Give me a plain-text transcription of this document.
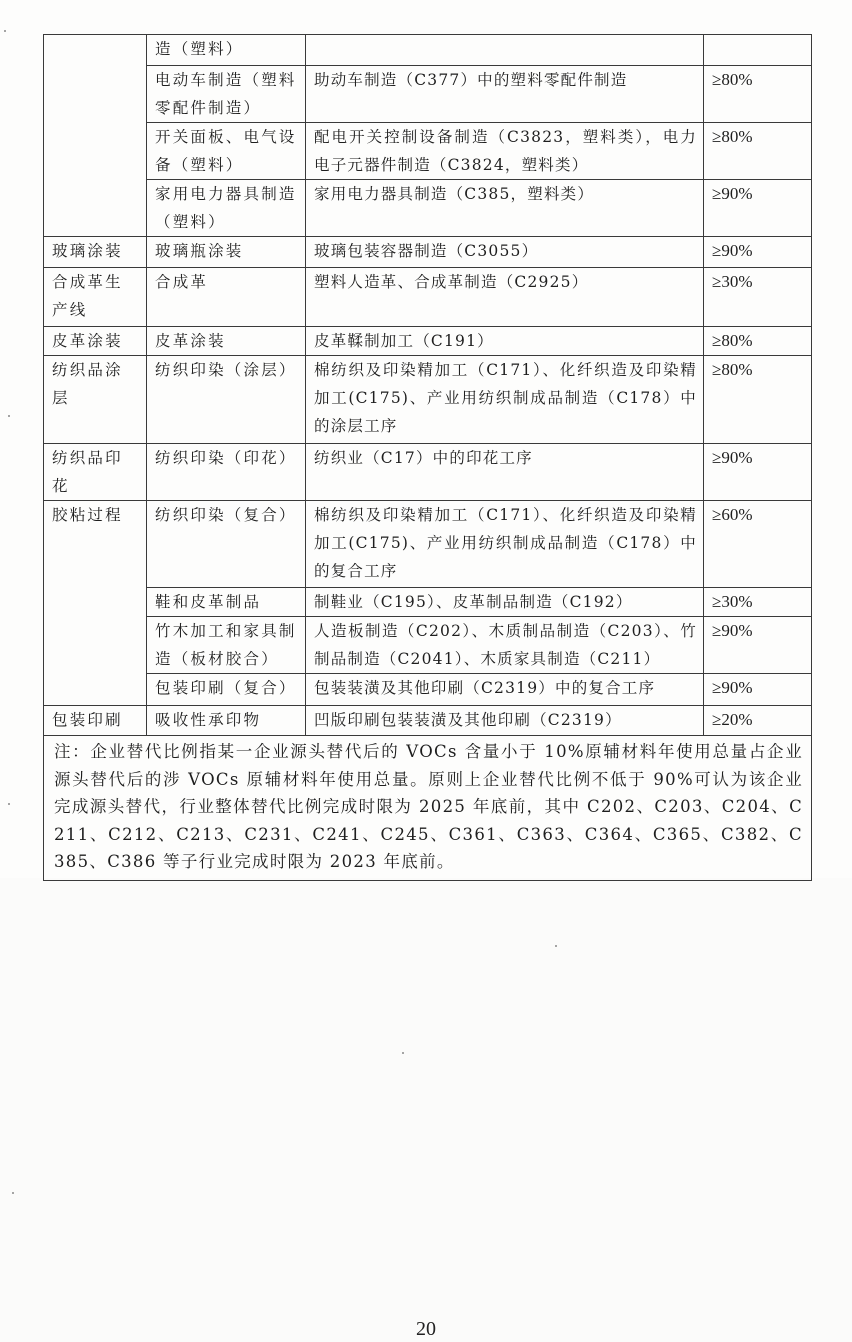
	造（塑料）		
	电动车制造（塑料零配件制造）	助动车制造（C377）中的塑料零配件制造	≥80%
	开关面板、电气设备（塑料）	配电开关控制设备制造（C3823，塑料类），电力电子元器件制造（C3824，塑料类）	≥80%
	家用电力器具制造（塑料）	家用电力器具制造（C385，塑料类）	≥90%
玻璃涂装	玻璃瓶涂装	玻璃包装容器制造（C3055）	≥90%
合成革生产线	合成革	塑料人造革、合成革制造（C2925）	≥30%
皮革涂装	皮革涂装	皮革鞣制加工（C191）	≥80%
纺织品涂层	纺织印染（涂层）	棉纺织及印染精加工（C171）、化纤织造及印染精加工(C175)、产业用纺织制成品制造（C178）中的涂层工序	≥80%
纺织品印花	纺织印染（印花）	纺织业（C17）中的印花工序	≥90%
胶粘过程	纺织印染（复合）	棉纺织及印染精加工（C171）、化纤织造及印染精加工(C175)、产业用纺织制成品制造（C178）中的复合工序	≥60%
	鞋和皮革制品	制鞋业（C195）、皮革制品制造（C192）	≥30%
	竹木加工和家具制造（板材胶合）	人造板制造（C202）、木质制品制造（C203）、竹制品制造（C2041）、木质家具制造（C211）	≥90%
	包装印刷（复合）	包装装潢及其他印刷（C2319）中的复合工序	≥90%
包装印刷	吸收性承印物	凹版印刷包装装潢及其他印刷（C2319）	≥20%
注：企业替代比例指某一企业源头替代后的 VOCs 含量小于 10%原辅材料年使用总量占企业源头替代后的涉 VOCs 原辅材料年使用总量。原则上企业替代比例不低于 90%可认为该企业完成源头替代，行业整体替代比例完成时限为 2025 年底前，其中 C202、C203、C204、C211、C212、C213、C231、C241、C245、C361、C363、C364、C365、C382、C385、C386 等子行业完成时限为 2023 年底前。			
20
